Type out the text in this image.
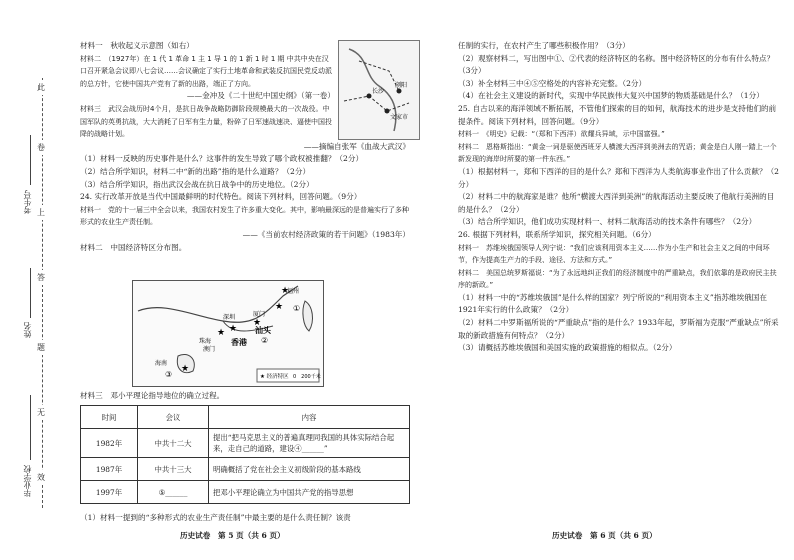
此
卷
上
答
题
无
效
考生号
姓名
毕业学校

材料一　秋收起义示意图（如右）

材料二　（1927年）在 1 代 1 革命 1 主 1 导 1 的 1 新 1 时 1 期 中共中央在汉口召开紧急会议即八七会议……会议确定了实行土地革命和武装反抗国民党反动派的总方针，它使中国共产党有了新的出路，端正了方向。

——金冲及《二十世纪中国史纲》（第一卷）

材料三　武汉会战历时4个月，是抗日战争战略防御阶段规模最大的一次战役。中国军队的英勇抗战，大大消耗了日军有生力量，粉碎了日军速战速决、逼使中国投降的战略计划。

——摘编自张军《血战大武汉》

（1）材料一反映的历史事件是什么？这事件的发生导致了哪个政权被推翻？（2分）

（2）结合所学知识，材料二中“新的出路”指的是什么道路？（2分）

（3）结合所学知识，指出武汉会战在抗日战争中的历史地位。（2分）

24. 实行改革开放是当代中国最鲜明的时代特色。阅读下列材料，回答问题。（9分）

材料一　党的十一届三中全会以来，我国农村发生了许多重大变化。其中，影响最深远的是普遍实行了多种形式的农业生产责任制。

——《当前农村经济政策的若干问题》（1983年）

材料二　中国经济特区分布图。

长沙
文家市
浏阳
★
★
★
★
★
★
福州
厦门
汕头
香港
深圳
珠海
海南
澳门
①
②
③	★ 经济特区 0　200千米

材料三　邓小平理论指导地位的确立过程。

时间	会议	内容
1982年	中共十二大	提出“把马克思主义的普遍真理同我国的具体实际结合起来，走自己的道路，建设④______”
1987年	中共十三大	明确概括了党在社会主义初级阶段的基本路线
1997年	⑤______	把邓小平理论确立为中国共产党的指导思想

（1）材料一提到的“多种形式的农业生产责任制”中最主要的是什么责任制？该责

任制的实行，在农村产生了哪些积极作用？（3分）

（2）观察材料二，写出图中①、②代表的经济特区的名称。图中经济特区的分布有什么特点？（3分）

（3）补全材料三中④⑤空格处的内容补充完整。（2分）

（4）在社会主义建设的新时代，实现中华民族伟大复兴中国梦的物质基础是什么？（1分）

25. 自古以来的海洋领域不断拓展，不管他们探索的目的如何，航海技术的进步是支持他们的前提条件。阅读下列材料，回答问题。（9分）

材料一　《明史》记载：“（郑和下西洋）欲耀兵异域，示中国富强。”

材料二　恩格斯指出：“黄金一词是驱使西班牙人横渡大西洋到美洲去的咒语；黄金是白人刚一踏上一个新发现的海岸时所要的第一件东西。”

（1）根据材料一，郑和下西洋的目的是什么？郑和下西洋为人类航海事业作出了什么贡献？（2分）

（2）材料二中的航海家是谁？他所“横渡大西洋到美洲”的航海活动主要反映了他航行美洲的目的是什么？（2分）

（3）结合所学知识，他们成功实现材料一、材料二航海活动的技术条件有哪些？（2分）

26. 根据下列材料，联系所学知识，探究相关问题。（6分）

材料一　苏维埃俄国领导人列宁说：“我们应该利用资本主义……作为小生产和社会主义之间的中间环节，作为提高生产力的手段、途径、方法和方式。”

材料二　美国总统罗斯福说：“为了永远地纠正我们的经济制度中的严重缺点，我们依靠的是政府民主扶序的新政。”

（1）材料一中的“苏维埃俄国”是什么样的国家？列宁所说的“利用资本主义”指苏维埃俄国在1921年实行的什么政策？（2分）

（2）材料二中罗斯福所说的“严重缺点”指的是什么？1933年起，罗斯福为克服“严重缺点”所采取的新政措施有何特点？（2分）

（3）请概括苏维埃俄国和美国实施的政策措施的相似点。（2分）

历史试卷　第 5 页（共 6 页）	历史试卷　第 6 页（共 6 页）
